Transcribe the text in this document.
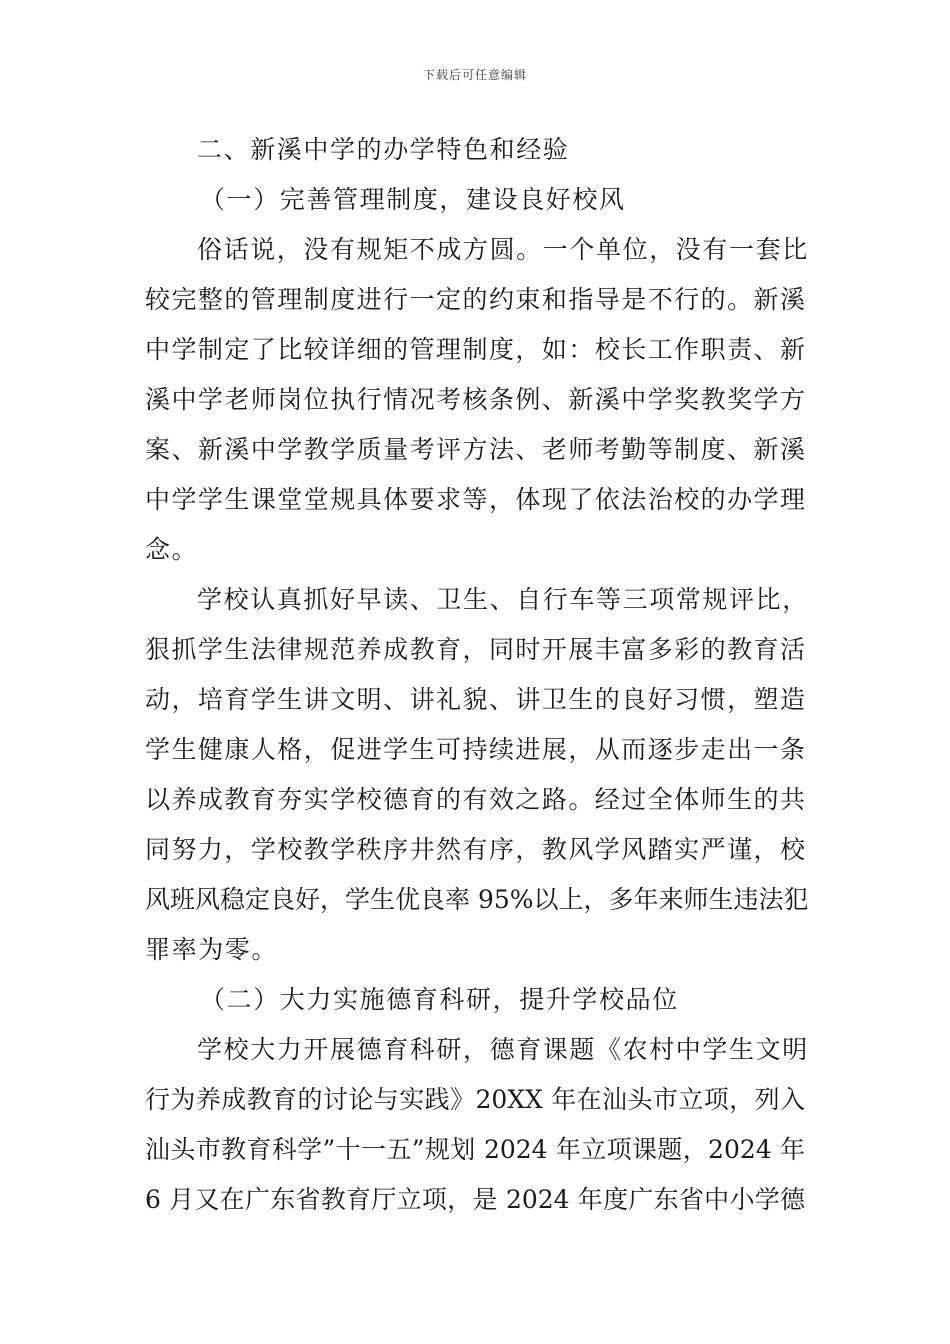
下载后可任意编辑
二、新溪中学的办学特色和经验
（一）完善管理制度，建设良好校风
俗话说，没有规矩不成方圆。一个单位，没有一套比
较完整的管理制度进行一定的约束和指导是不行的。新溪
中学制定了比较详细的管理制度，如：校长工作职责、新
溪中学老师岗位执行情况考核条例、新溪中学奖教奖学方
案、新溪中学教学质量考评方法、老师考勤等制度、新溪
中学学生课堂堂规具体要求等，体现了依法治校的办学理
念。
学校认真抓好早读、卫生、自行车等三项常规评比，
狠抓学生法律规范养成教育，同时开展丰富多彩的教育活
动，培育学生讲文明、讲礼貌、讲卫生的良好习惯，塑造
学生健康人格，促进学生可持续进展，从而逐步走出一条
以养成教育夯实学校德育的有效之路。经过全体师生的共
同努力，学校教学秩序井然有序，教风学风踏实严谨，校
风班风稳定良好，学生优良率 95%以上，多年来师生违法犯
罪率为零。
（二）大力实施德育科研，提升学校品位
学校大力开展德育科研，德育课题《农村中学生文明
行为养成教育的讨论与实践》20XX 年在汕头市立项，列入
汕头市教育科学”十一五”规划 2024 年立项课题，2024 年
6 月又在广东省教育厅立项，是 2024 年度广东省中小学德
